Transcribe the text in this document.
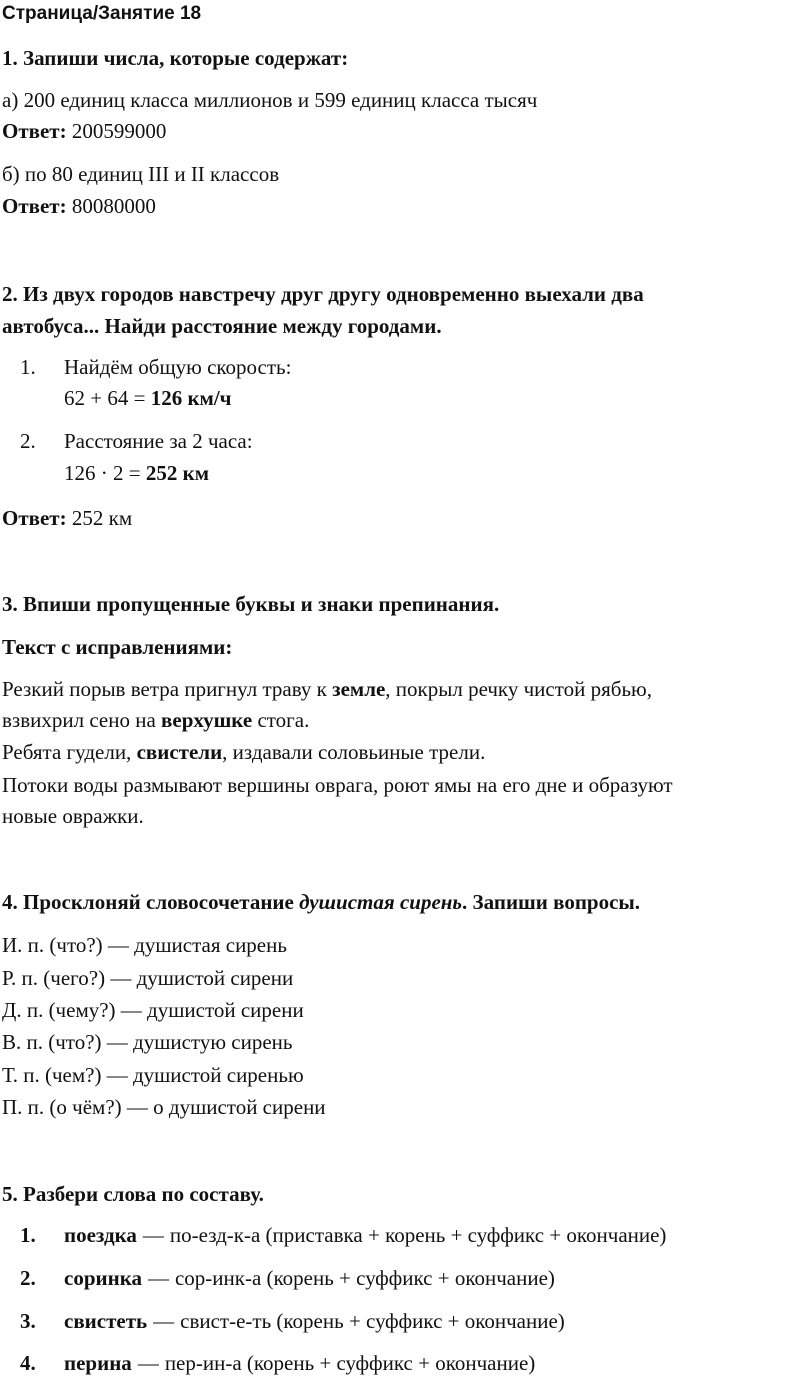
Страница/Занятие 18
1. Запиши числа, которые содержат:
а) 200 единиц класса миллионов и 599 единиц класса тысяч
Ответ: 200599000
б) по 80 единиц III и II классов
Ответ: 80080000
2. Из двух городов навстречу друг другу одновременно выехали два
автобуса... Найди расстояние между городами.
1. Найдём общую скорость:
62 + 64 = 126 км/ч
2. Расстояние за 2 часа:
126 · 2 = 252 км
Ответ: 252 км
3. Впиши пропущенные буквы и знаки препинания.
Текст с исправлениями:
Резкий порыв ветра пригнул траву к земле, покрыл речку чистой рябью,
взвихрил сено на верхушке стога.
Ребята гудели, свистели, издавали соловьиные трели.
Потоки воды размывают вершины оврага, роют ямы на его дне и образуют
новые овражки.
4. Просклоняй словосочетание душистая сирень. Запиши вопросы.
И. п. (что?) — душистая сирень
Р. п. (чего?) — душистой сирени
Д. п. (чему?) — душистой сирени
В. п. (что?) — душистую сирень
Т. п. (чем?) — душистой сиренью
П. п. (о чём?) — о душистой сирени
5. Разбери слова по составу.
1. поездка — по-езд-к-а (приставка + корень + суффикс + окончание)
2. соринка — сор-инк-а (корень + суффикс + окончание)
3. свистеть — свист-е-ть (корень + суффикс + окончание)
4. перина — пер-ин-а (корень + суффикс + окончание)
